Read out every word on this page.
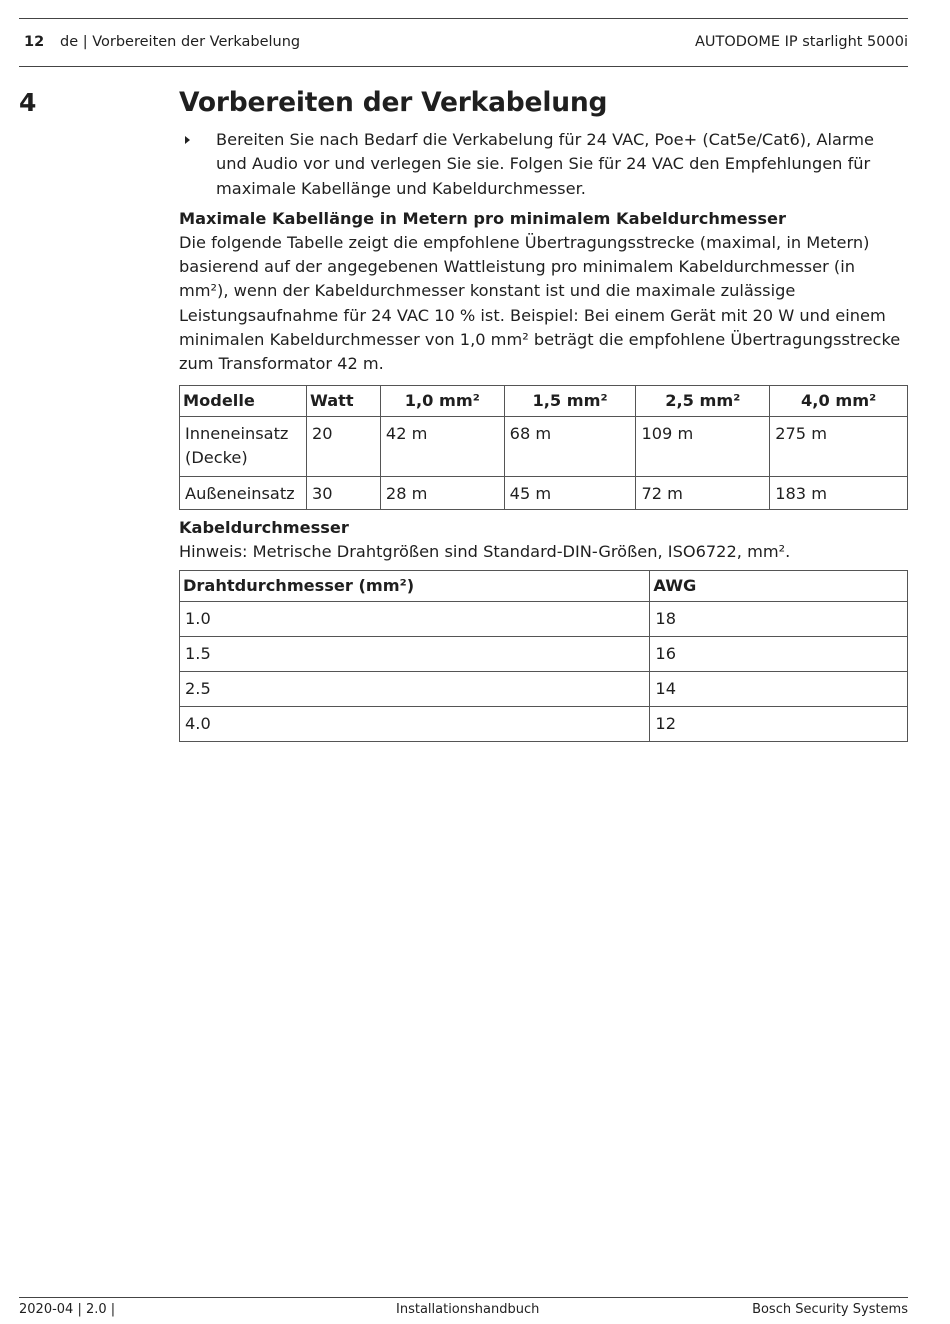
12 de | Vorbereiten der Verkabelung	AUTODOME IP starlight 5000i
4	Vorbereiten der Verkabelung
Bereiten Sie nach Bedarf die Verkabelung für 24 VAC, Poe+ (Cat5e/Cat6), Alarme und Audio vor und verlegen Sie sie. Folgen Sie für 24 VAC den Empfehlungen für maximale Kabellänge und Kabeldurchmesser.
Maximale Kabellänge in Metern pro minimalem Kabeldurchmesser

Die folgende Tabelle zeigt die empfohlene Übertragungsstrecke (maximal, in Metern) basierend auf der angegebenen Wattleistung pro minimalem Kabeldurchmesser (in mm²), wenn der Kabeldurchmesser konstant ist und die maximale zulässige Leistungsaufnahme für 24 VAC 10 % ist. Beispiel: Bei einem Gerät mit 20 W und einem minimalen Kabeldurchmesser von 1,0 mm² beträgt die empfohlene Übertragungsstrecke zum Transformator 42 m.

Modelle	Watt	1,0 mm²	1,5 mm²	2,5 mm²	4,0 mm²
Inneneinsatz (Decke)	20	42 m	68 m	109 m	275 m
Außeneinsatz	30	28 m	45 m	72 m	183 m
Kabeldurchmesser

Hinweis: Metrische Drahtgrößen sind Standard-DIN-Größen, ISO6722, mm².

Drahtdurchmesser (mm²)	AWG
1.0	18
1.5	16
2.5	14
4.0	12
2020-04 | 2.0 |	Installationshandbuch	Bosch Security Systems
